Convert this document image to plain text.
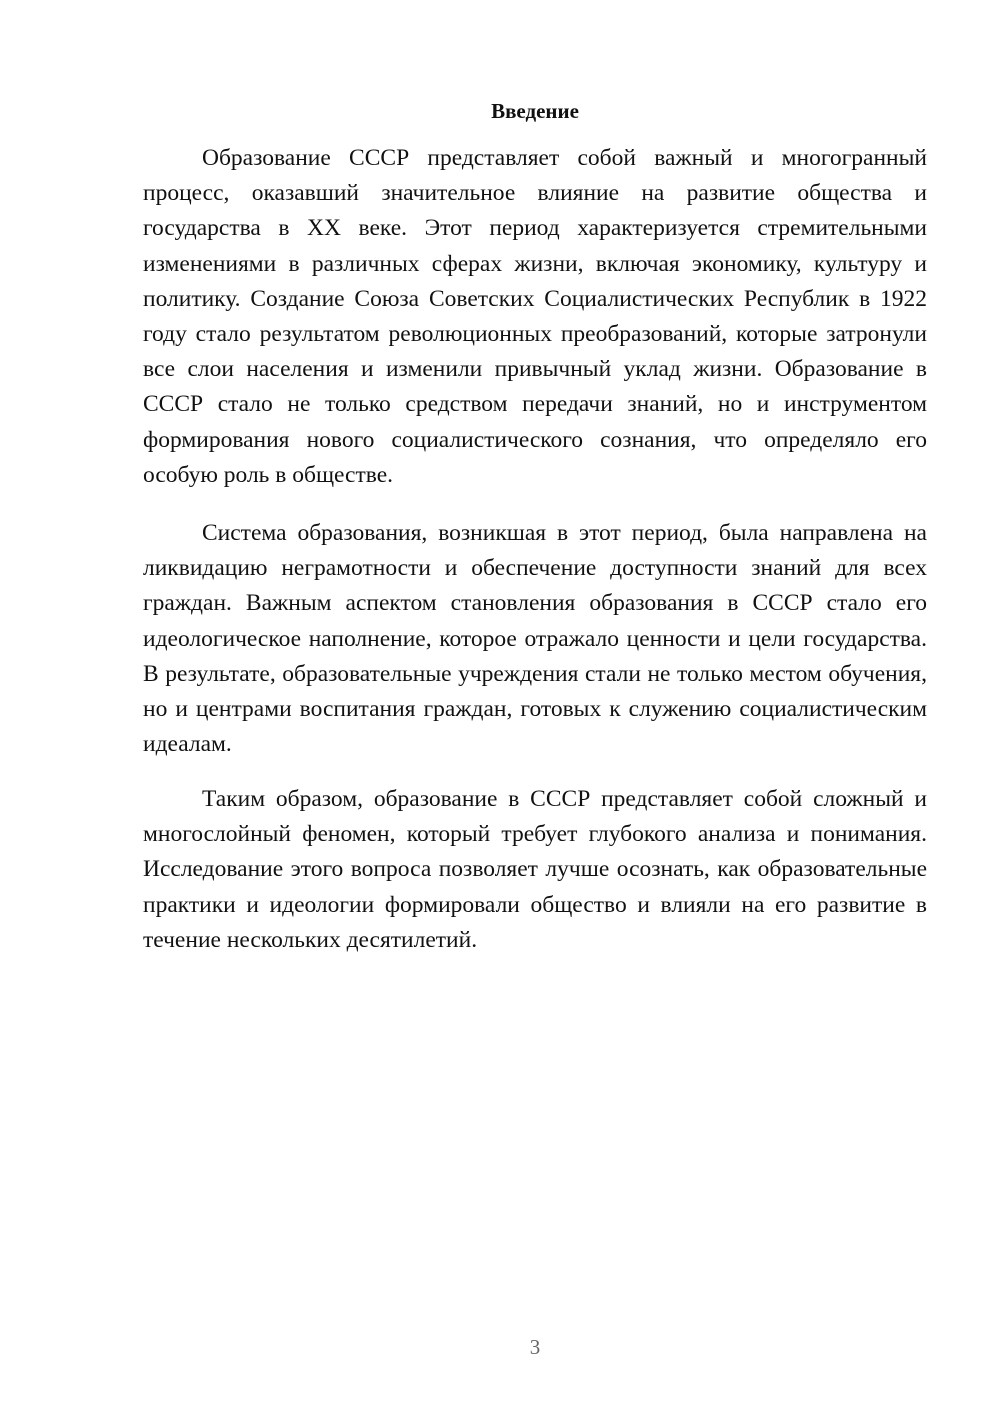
Введение

Образование СССР представляет собой важный и многогранный процесс, оказавший значительное влияние на развитие общества и государства в XX веке. Этот период характеризуется стремительными изменениями в различных сферах жизни, включая экономику, культуру и политику. Создание Союза Советских Социалистических Республик в 1922 году стало результатом революционных преобразований, которые затронули все слои населения и изменили привычный уклад жизни. Образование в СССР стало не только средством передачи знаний, но и инструментом формирования нового социалистического сознания, что определяло его особую роль в обществе.

Система образования, возникшая в этот период, была направлена на ликвидацию неграмотности и обеспечение доступности знаний для всех граждан. Важным аспектом становления образования в СССР стало его идеологическое наполнение, которое отражало ценности и цели государства. В результате, образовательные учреждения стали не только местом обучения, но и центрами воспитания граждан, готовых к служению социалистическим идеалам.

Таким образом, образование в СССР представляет собой сложный и многослойный феномен, который требует глубокого анализа и понимания. Исследование этого вопроса позволяет лучше осознать, как образовательные практики и идеологии формировали общество и влияли на его развитие в течение нескольких десятилетий.

3
